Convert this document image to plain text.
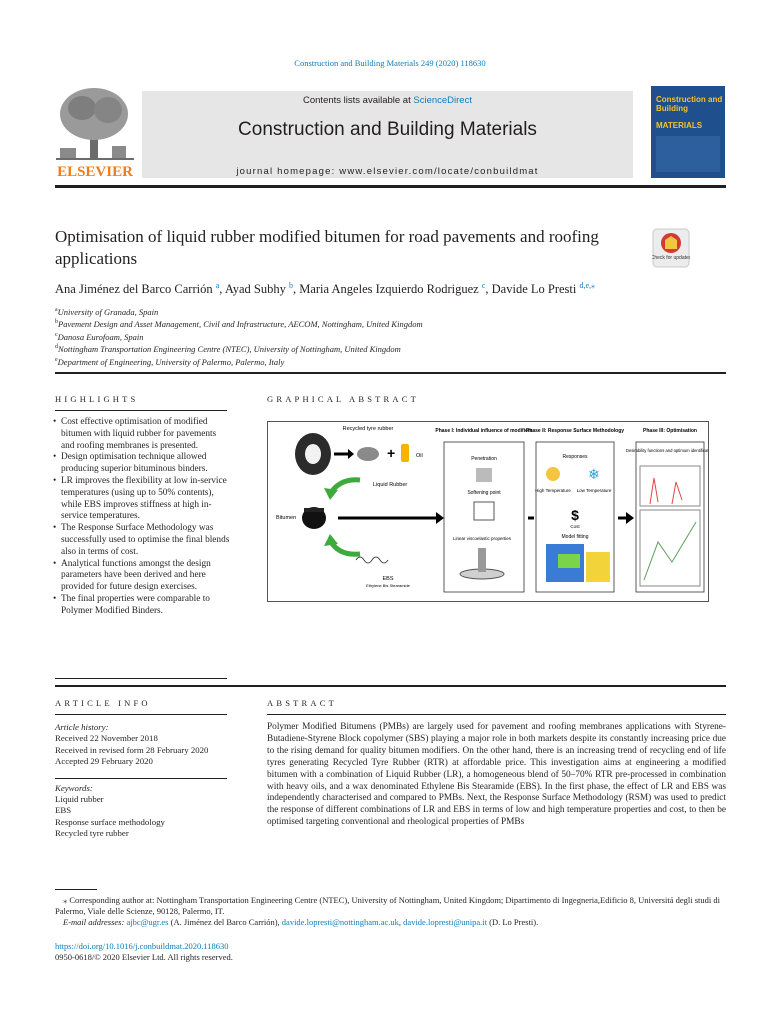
Construction and Building Materials 249 (2020) 118630
ELSEVIER
Contents lists available at ScienceDirect
Construction and Building Materials
journal homepage: www.elsevier.com/locate/conbuildmat
Construction and Building
MATERIALS
Optimisation of liquid rubber modified bitumen for road pavements and roofing applications	Check for updates
Ana Jiménez del Barco Carrión $^a$, Ayad Subhy $^b$, Maria Angeles Izquierdo Rodriguez $^c$, Davide Lo Presti $^{d,e,⁎}$
$^a$University of Granada, Spain
$^b$Pavement Design and Asset Management, Civil and Infrastructure, AECOM, Nottingham, United Kingdom
$^c$Danosa Eurofoam, Spain
$^d$Nottingham Transportation Engineering Centre (NTEC), University of Nottingham, United Kingdom
$^e$Department of Engineering, University of Palermo, Palermo, Italy
HIGHLIGHTS
• Cost effective optimisation of modified bitumen with liquid rubber for pavements and roofing membranes is presented.
• Design optimisation technique allowed producing superior bituminous binders.
• LR improves the flexibility at low in-service temperatures (using up to 50% contents), while EBS improves stiffness at high in-service temperatures.
• The Response Surface Methodology was successfully used to optimise the final blends also in terms of cost.
• Analytical functions amongst the design parameters have been derived and here provided for future design exercises.
• The final properties were comparable to Polymer Modified Binders.
GRAPHICAL ABSTRACT
Recycled tyre rubber
+	Oil
Liquid Rubber
Bitumen
EBS
Ethylene Bis Stearamide
Phase I: Individual influence of modifiers
Penetration
Softening point
Linear viscoelastic properties
Phase II: Response Surface Methodology
Responses
❄
High Temperature Low Temperature
$
Cost
Model fitting
Phase III: Optimisation
Desirability functions and optimum identification
ARTICLE INFO
Article history:
Received 22 November 2018
Received in revised form 28 February 2020
Accepted 29 February 2020
Keywords:
Liquid rubber
EBS
Response surface methodology
Recycled tyre rubber
ABSTRACT
Polymer Modified Bitumens (PMBs) are largely used for pavement and roofing membranes applications with Styrene-Butadiene-Styrene Block copolymer (SBS) playing a major role in both markets despite its constantly increasing price due to the rising demand for quality bitumen modifiers. On the other hand, there is an increasing trend of recycling end of life tyres generating Recycled Tyre Rubber (RTR) at affordable price. This investigation aims at engineering a modified bitumen with a combination of Liquid Rubber (LR), a homogeneous blend of 50–70% RTR pre-processed in combination with heavy oils, and a wax denominated Ethylene Bis Stearamide (EBS). In the first phase, the effect of LR and EBS was independently characterised and compared to PMBs. Next, the Response Surface Methodology (RSM) was used to predict the response of different combinations of LR and EBS in terms of low and high temperature properties and cost, to then be optimised targeting conventional and rheological properties of PMBs
⁎ Corresponding author at: Nottingham Transportation Engineering Centre (NTEC), University of Nottingham, United Kingdom; Dipartimento di Ingegneria,Edificio 8, Universitá degli studi di Palermo, Viale delle Scienze, 90128, Palermo, IT.
E-mail addresses: ajbc@ugr.es (A. Jiménez del Barco Carrión), davide.lopresti@nottingham.ac.uk, davide.lopresti@unipa.it (D. Lo Presti).
https://doi.org/10.1016/j.conbuildmat.2020.118630
0950-0618/© 2020 Elsevier Ltd. All rights reserved.
